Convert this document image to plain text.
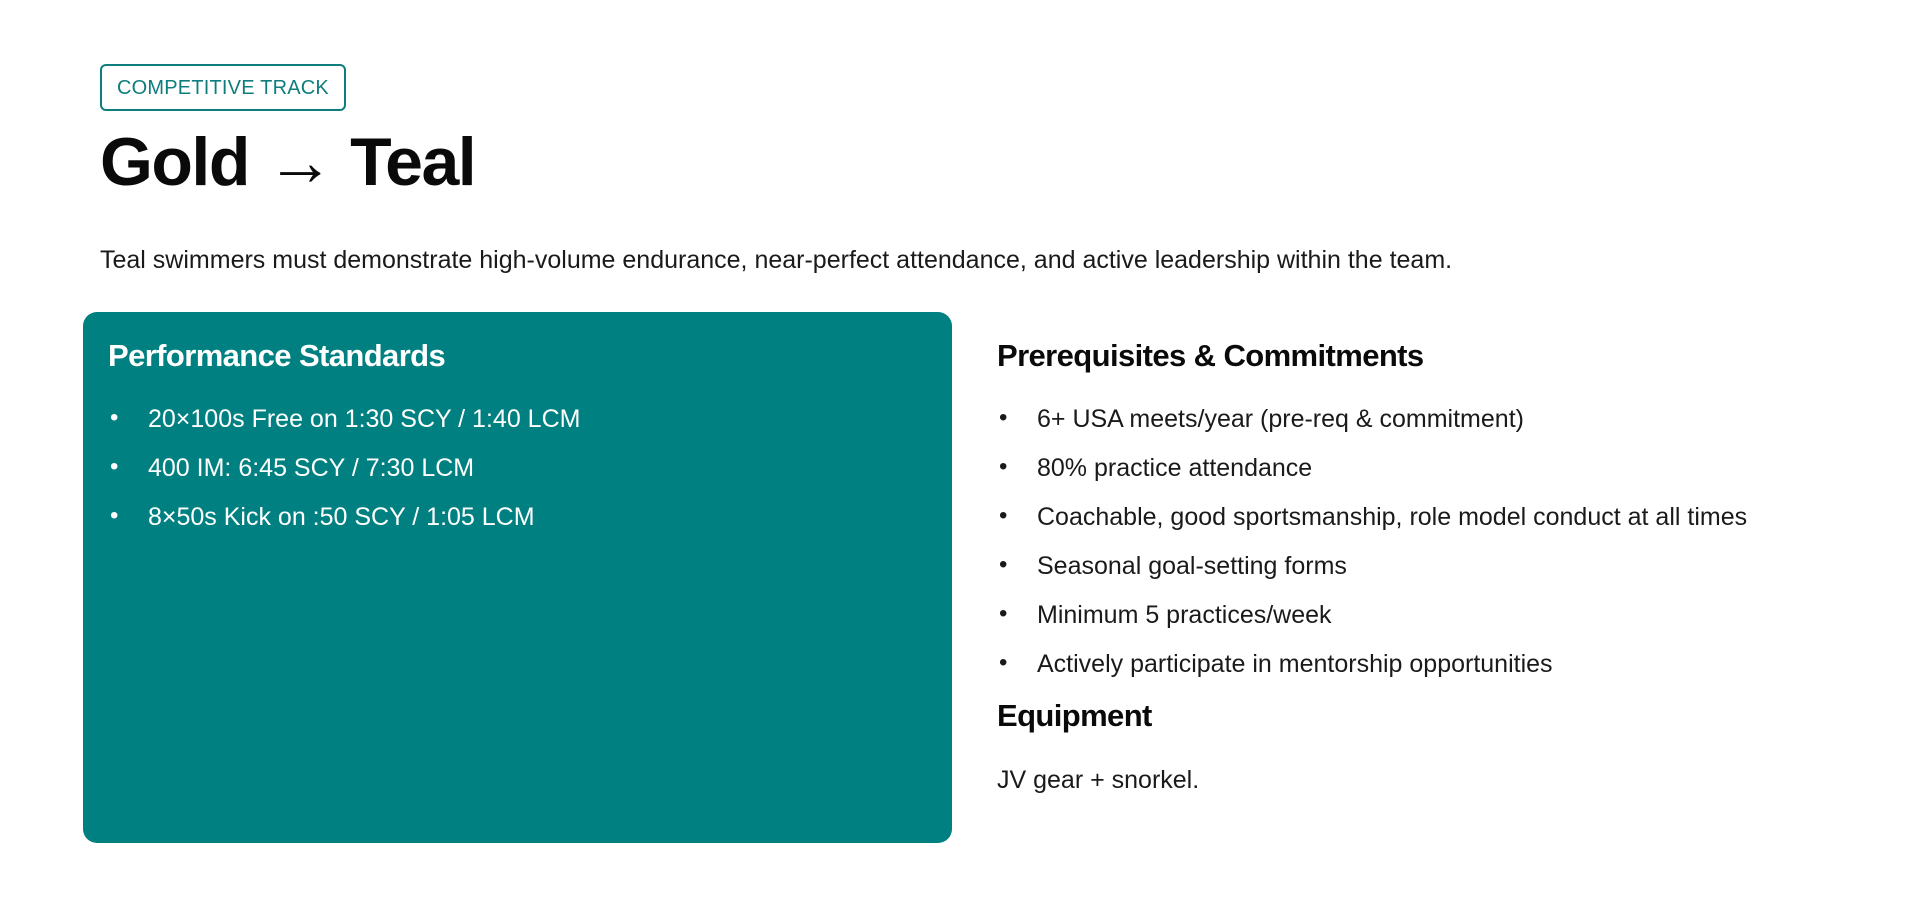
COMPETITIVE TRACK
Gold → Teal

Teal swimmers must demonstrate high-volume endurance, near-perfect attendance, and active leadership within the team.

Performance Standards
• 20×100s Free on 1:30 SCY / 1:40 LCM
• 400 IM: 6:45 SCY / 7:30 LCM
• 8×50s Kick on :50 SCY / 1:05 LCM
Prerequisites & Commitments
• 6+ USA meets/year (pre-req & commitment)
• 80% practice attendance
• Coachable, good sportsmanship, role model conduct at all times
• Seasonal goal-setting forms
• Minimum 5 practices/week
• Actively participate in mentorship opportunities
Equipment

JV gear + snorkel.
